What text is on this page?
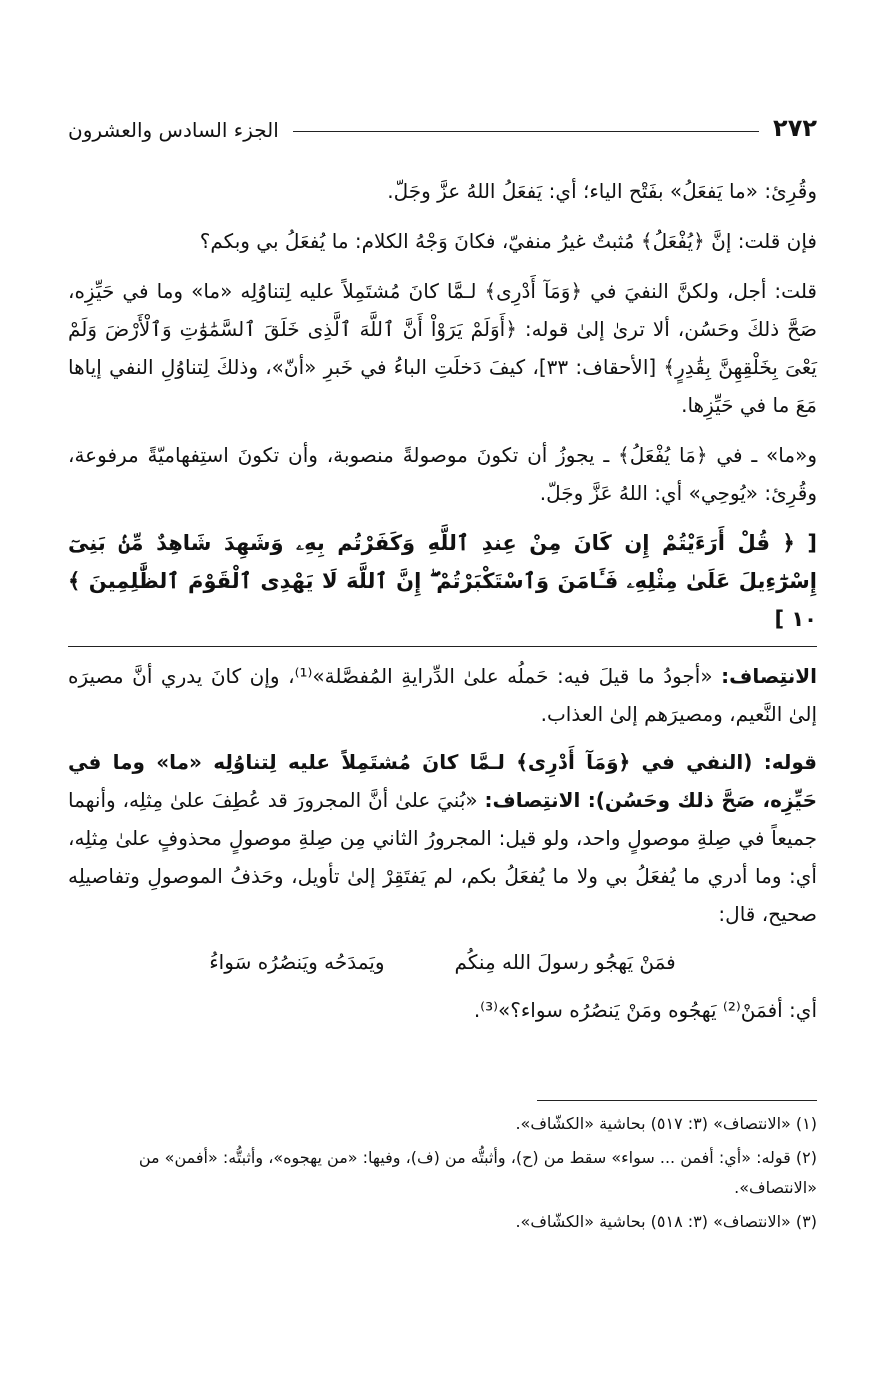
٢٧٢
الجزء السادس والعشرون

وقُرِئ: «ما يَفعَلُ» بفَتْح الياء؛ أي: يَفعَلُ اللهُ عزَّ وجَلّ.

فإن قلت: إنَّ ﴿يُفْعَلُ﴾ مُثبتٌ غيرُ منفيّ، فكانَ وَجْهُ الكلام: ما يُفعَلُ بي وبكم؟

قلت: أجل، ولكنَّ النفيَ في ﴿وَمَآ أَدْرِى﴾ لـمَّا كانَ مُشتَمِلاً عليه لِتناوُلِه «ما» وما في حَيِّزِه، صَحَّ ذلكَ وحَسُن، ألا ترىٰ إلىٰ قوله: ﴿أَوَلَمْ يَرَوْاْ أَنَّ ٱللَّهَ ٱلَّذِى خَلَقَ ٱلسَّمَٰوَٰتِ وَٱلْأَرْضَ وَلَمْ يَعْىَ بِخَلْقِهِنَّ بِقَٰدِرٍ﴾ [الأحقاف: ٣٣]، كيفَ دَخلَتِ الباءُ في خَبرِ «أنّ»، وذلكَ لِتناوُلِ النفي إياها مَعَ ما في حَيِّزِها.

و«ما» ـ في ﴿مَا يُفْعَلُ﴾ ـ يجوزُ أن تكونَ موصولةً منصوبة، وأن تكونَ استِفهاميّةً مرفوعة، وقُرِئ: «يُوحِي» أي: اللهُ عَزَّ وجَلّ.

[ ﴿ قُلْ أَرَءَيْتُمْ إِن كَانَ مِنْ عِندِ ٱللَّهِ وَكَفَرْتُم بِهِۦ وَشَهِدَ شَاهِدٌ مِّنۢ بَنِىٓ إِسْرَٰٓءِيلَ عَلَىٰ مِثْلِهِۦ فَـَٔامَنَ وَٱسْتَكْبَرْتُمْ ۖ إِنَّ ٱللَّهَ لَا يَهْدِى ٱلْقَوْمَ ٱلظَّٰلِمِينَ ﴾ ١٠ ]

الانتِصاف: «أجودُ ما قيلَ فيه: حَملُه علىٰ الدِّرايةِ المُفصَّلة»⁽¹⁾، وإن كانَ يدري أنَّ مصيرَه إلىٰ النَّعيم، ومصيرَهم إلىٰ العذاب.

قوله: (النفي في ﴿وَمَآ أَدْرِى﴾ لـمَّا كانَ مُشتَمِلاً عليه لِتناوُلِه «ما» وما في حَيِّزِه، صَحَّ ذلك وحَسُن): الانتِصاف: «بُنيَ علىٰ أنَّ المجرورَ قد عُطِفَ علىٰ مِثلِه، وأنهما جميعاً في صِلةِ موصولٍ واحد، ولو قيل: المجرورُ الثاني مِن صِلةِ موصولٍ محذوفٍ علىٰ مِثلِه، أي: وما أدري ما يُفعَلُ بي ولا ما يُفعَلُ بكم، لم يَفتَقِرْ إلىٰ تأويل، وحَذفُ الموصولِ وتفاصيلِه صحيح، قال:

فمَنْ يَهجُو رسولَ الله مِنكُم
ويَمدَحُه ويَنصُرُه سَواءُ

أي: أفمَنْ⁽²⁾ يَهجُوه ومَنْ يَنصُرُه سواء؟»⁽³⁾.

(١) «الانتصاف» (٣: ٥١٧) بحاشية «الكشّاف».

(٢) قوله: «أي: أفمن ... سواء» سقط من (ح)، وأثبتُّه من (ف)، وفيها: «من يهجوه»، وأثبتُّه: «أفمن» من «الانتصاف».

(٣) «الانتصاف» (٣: ٥١٨) بحاشية «الكشّاف».
